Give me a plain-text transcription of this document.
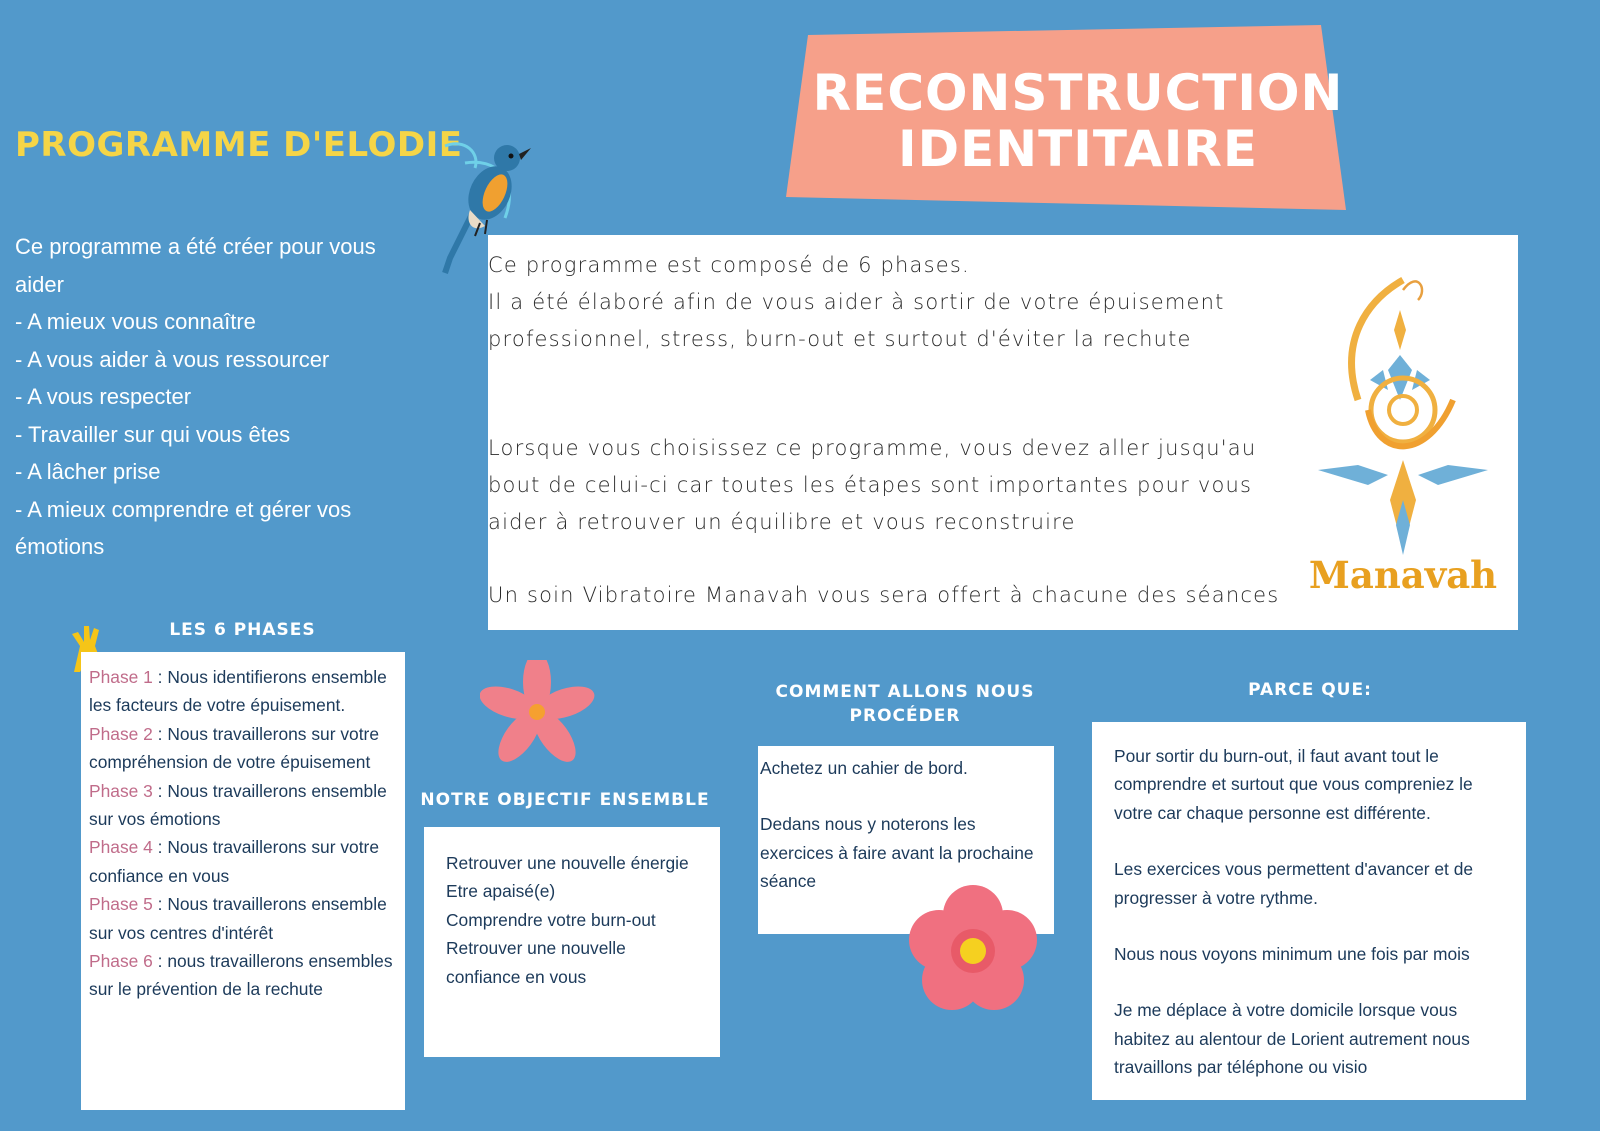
RECONSTRUCTION
IDENTITAIRE
PROGRAMME D'ELODIE
Ce programme a été créer pour vous aider
- A mieux vous connaître
- A vous aider à vous ressourcer
- A vous respecter
- Travailler sur qui vous êtes
- A lâcher prise
- A mieux comprendre et gérer vos émotions
Ce programme est composé de 6 phases.
Il a été élaboré afin de vous aider à sortir de votre épuisement professionnel, stress, burn-out et surtout d'éviter la rechute
Lorsque vous choisissez ce programme, vous devez aller jusqu'au bout de celui-ci car toutes les étapes sont importantes pour vous aider à retrouver un équilibre et vous reconstruire
Un soin Vibratoire Manavah vous sera offert à chacune des séances Manavah
LES 6 PHASES
Phase 1 : Nous identifierons ensemble les facteurs de votre épuisement.
Phase 2 : Nous travaillerons sur votre compréhension de votre épuisement
Phase 3 : Nous travaillerons ensemble sur vos émotions
Phase 4 : Nous travaillerons sur votre confiance en vous
Phase 5 : Nous travaillerons ensemble sur vos centres d'intérêt
Phase 6 : nous travaillerons ensembles sur le prévention de la rechute
NOTRE OBJECTIF ENSEMBLE
Retrouver une nouvelle énergie
Etre apaisé(e)
Comprendre votre burn-out
Retrouver une nouvelle confiance en vous
COMMENT ALLONS NOUS PROCÉDER
Achetez un cahier de bord.
Dedans nous y noterons les exercices à faire avant la prochaine séance
PARCE QUE:
Pour sortir du burn-out, il faut avant tout le comprendre et surtout que vous compreniez le votre car chaque personne est différente.
Les exercices vous permettent d'avancer et de progresser à votre rythme.
Nous nous voyons minimum une fois par mois
Je me déplace à votre domicile lorsque vous habitez au alentour de Lorient autrement nous travaillons par téléphone ou visio
